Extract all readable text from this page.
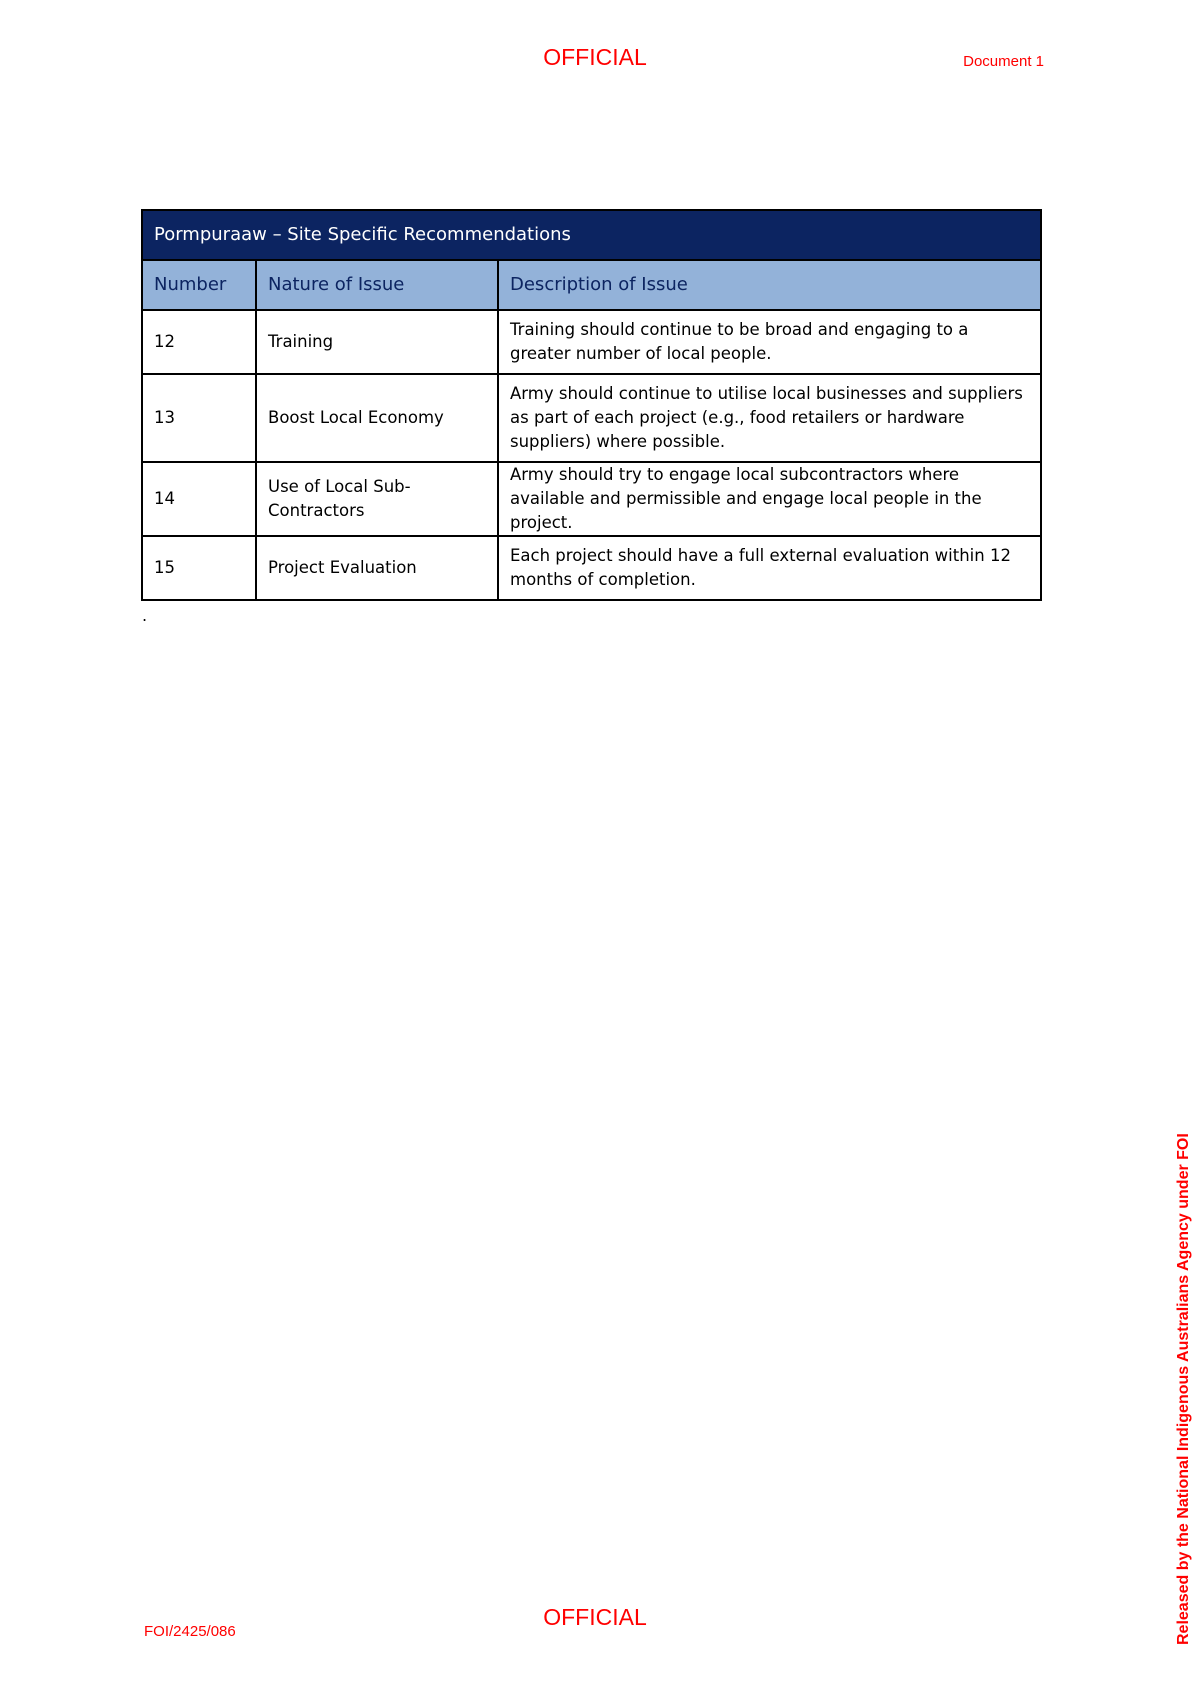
OFFICIAL	Document 1
Pormpuraaw – Site Specific Recommendations		
Number	Nature of Issue	Description of Issue
12	Training	Training should continue to be broad and engaging to a greater number of local people.
13	Boost Local Economy	Army should continue to utilise local businesses and suppliers as part of each project (e.g., food retailers or hardware suppliers) where possible.
14	Use of Local Sub-Contractors	Army should try to engage local subcontractors where available and permissible and engage local people in the project.
15	Project Evaluation	Each project should have a full external evaluation within 12 months of completion.
.
OFFICIAL
FOI/2425/086	Released by the National Indigenous Australians Agency under FOI
